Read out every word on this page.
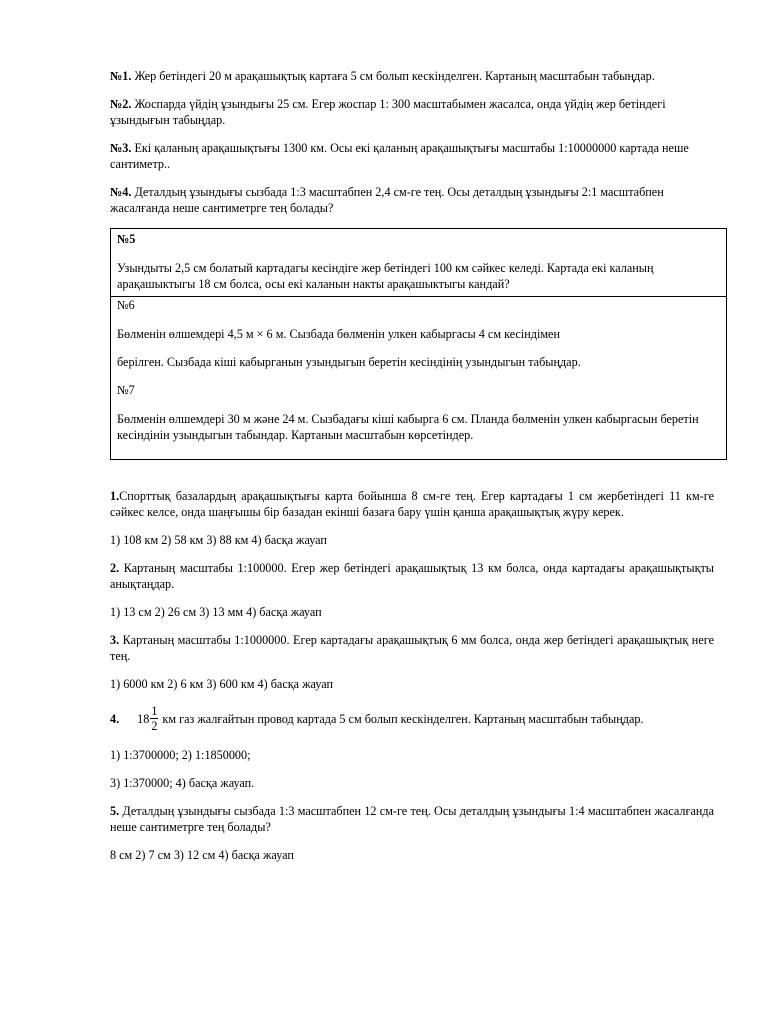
№1. Жер бетіндегі 20 м арақашықтық картаға 5 см болып кескінделген. Картаның масштабын табыңдар.

№2. Жоспарда үйдің ұзындығы 25 см. Егер жоспар 1: 300 масштабымен жасалса, онда үйдің жер бетіндегі ұзындығын табыңдар.

№3. Екі қаланың арақашықтығы 1300 км. Осы екі қаланың арақашықтығы масштабы 1:10000000 картада неше сантиметр..

№4. Деталдың ұзындығы сызбада 1:3 масштабпен 2,4 см-ге тең. Осы деталдың ұзындығы 2:1 масштабпен жасалғанда неше сантиметрге тең болады?

№5

Узындыты 2,5 см болатый картадагы кесіндіге жер бетіндегі 100 км сәйкес келеді. Картада екі каланың арақашыктыгы 18 см болса, осы екі каланын накты арақашыктыгы кандай?

№6

Бөлменін өлшемдері 4,5 м × 6 м. Сызбада бөлменін улкен кабыргасы 4 см кесіндімен

берілген. Сызбада кіші кабырганын узындыгын беретін кесіндінің узындыгын табыңдар.

№7

Бөлменін өлшемдері 30 м және 24 м. Сызбадағы кіші кабырга 6 см. Планда бөлменін улкен кабыргасын беретін кесіндінін узындыгын табындар. Картанын масштабын көрсетіндер.

1.Спорттық базалардың арақашықтығы карта бойынша 8 см-ге тең. Егер картадағы 1 см жербетіндегі 11 км-ге сәйкес келсе, онда шаңғышы бір базадан екінші базаға бару үшін қанша арақашықтық жүру керек.

1) 108 км 2) 58 км 3) 88 км 4) басқа жауап

2. Картаның масштабы 1:100000. Егер жер бетіндегі арақашықтық 13 км болса, онда картадағы арақашықтықты анықтаңдар.

1) 13 см 2) 26 см 3) 13 мм 4) басқа жауап

3. Картаның масштабы 1:1000000. Егер картадағы арақашықтық 6 мм болса, онда жер бетіндегі арақашықтық неге тең.

1) 6000 км 2) 6 км 3) 600 км 4) басқа жауап

4. $18 \frac{1}{2}$ км газ жалғайтын провод картада 5 см болып кескінделген. Картаның масштабын табыңдар.

1) 1:3700000; 2) 1:1850000;

3) 1:370000; 4) басқа жауап.

5. Деталдың ұзындығы сызбада 1:3 масштабпен 12 см-ге тең. Осы деталдың ұзындығы 1:4 масштабпен жасалғанда неше сантиметрге тең болады?

8 см 2) 7 см 3) 12 см 4) басқа жауап
